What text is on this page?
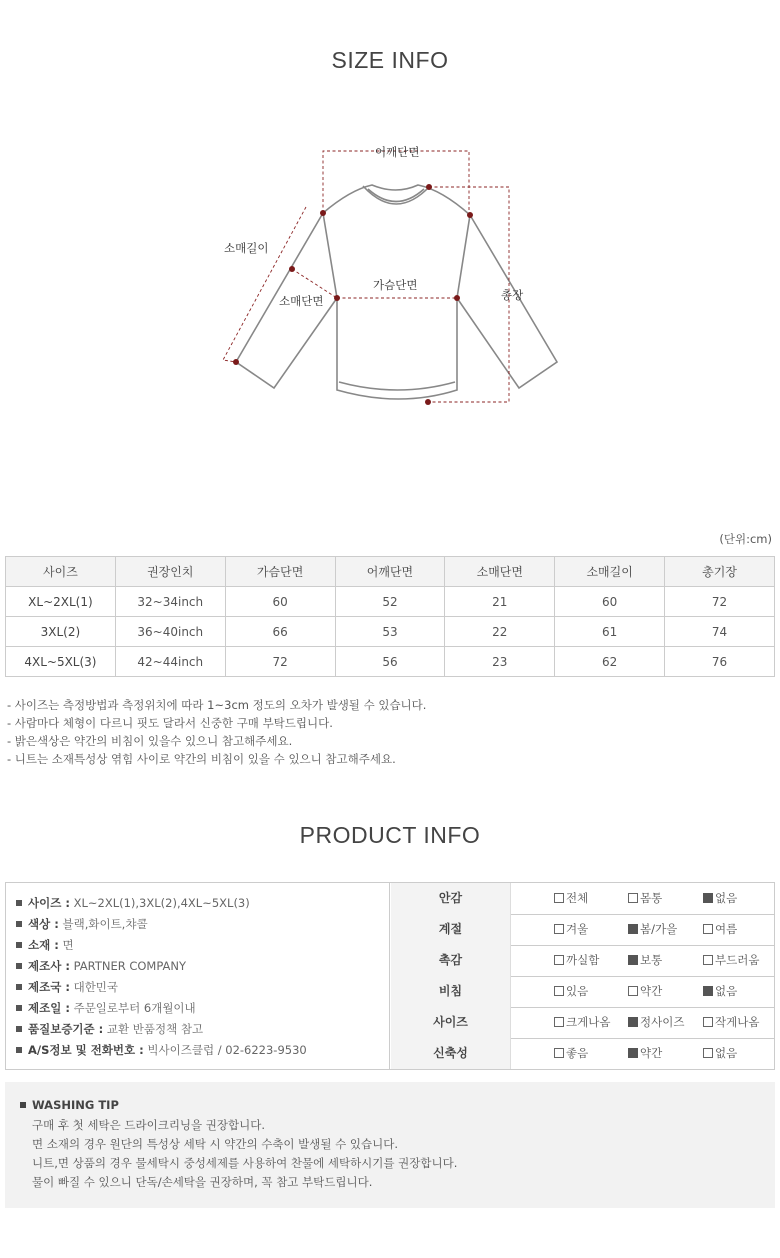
SIZE INFO
어깨단면
소매길이
소매단면
가슴단면
총장
(단위:cm)
사이즈	권장인치	가슴단면	어깨단면	소매단면	소매길이	총기장
XL~2XL(1)	32~34inch	60	52	21	60	72
3XL(2)	36~40inch	66	53	22	61	74
4XL~5XL(3)	42~44inch	72	56	23	62	76
- 사이즈는 측정방법과 측정위치에 따라 1~3cm 정도의 오차가 발생될 수 있습니다.
- 사람마다 체형이 다르니 핏도 달라서 신중한 구매 부탁드립니다.
- 밝은색상은 약간의 비침이 있을수 있으니 참고해주세요.
- 니트는 소재특성상 엮힘 사이로 약간의 비침이 있을 수 있으니 참고해주세요.
PRODUCT INFO
사이즈 : XL~2XL(1),3XL(2),4XL~5XL(3)
색상 : 블랙,화이트,챠콜
소재 : 면
제조사 : PARTNER COMPANY
제조국 : 대한민국
제조일 : 주문일로부터 6개월이내
품질보증기준 : 교환 반품정책 참고
A/S정보 및 전화번호 : 빅사이즈클럽 / 02-6223-9530
안감	전체	몸통	없음
계절	겨울	봄/가을	여름
촉감	까실함	보통	부드러움
비침	있음	약간	없음
사이즈	크게나옴	정사이즈	작게나옴
신축성	좋음	약간	없음
WASHING TIP
구매 후 첫 세탁은 드라이크리닝을 권장합니다.
면 소재의 경우 원단의 특성상 세탁 시 약간의 수축이 발생될 수 있습니다.
니트,면 상품의 경우 물세탁시 중성세제를 사용하여 찬물에 세탁하시기를 권장합니다.
물이 빠질 수 있으니 단독/손세탁을 권장하며, 꼭 참고 부탁드립니다.
